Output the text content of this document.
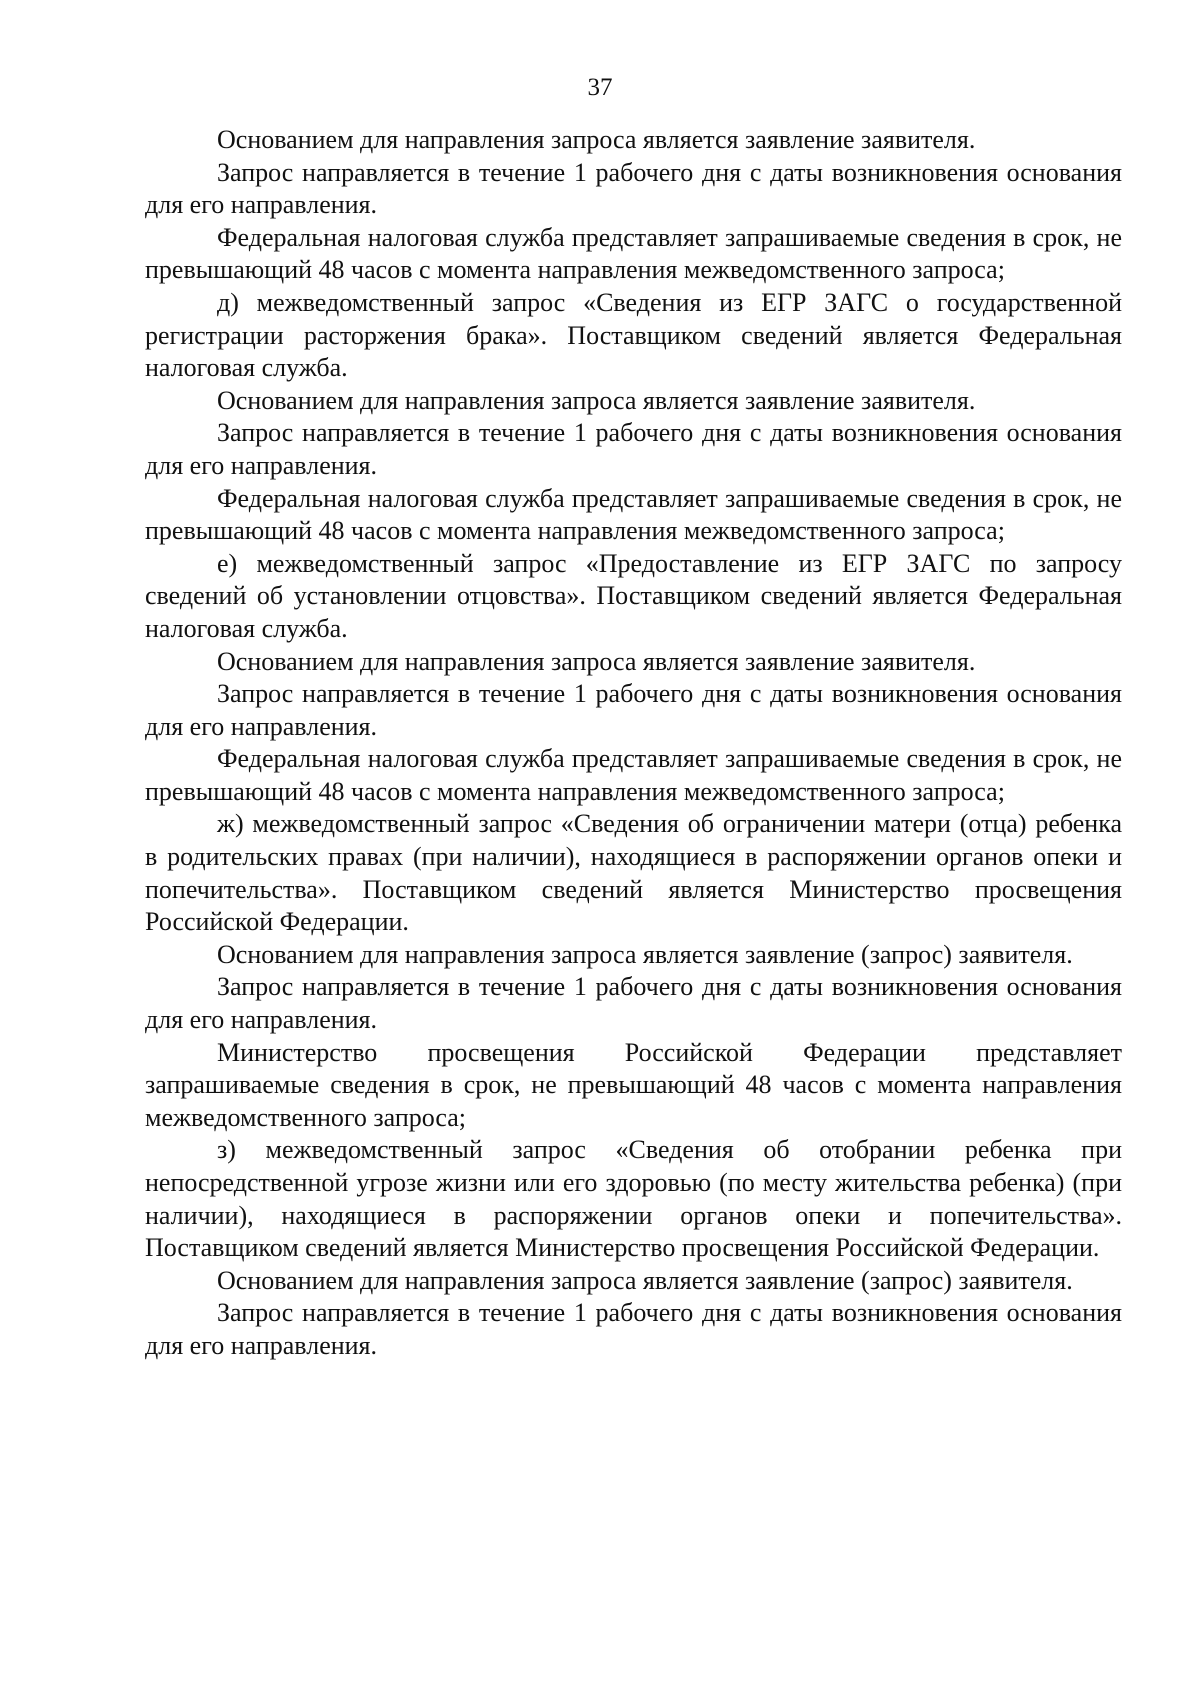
37

Основанием для направления запроса является заявление заявителя.

Запрос направляется в течение 1 рабочего дня с даты возникновения основания для его направления.

Федеральная налоговая служба представляет запрашиваемые сведения в срок, не превышающий 48 часов с момента направления межведомственного запроса;

д) межведомственный запрос «Сведения из ЕГР ЗАГС о государственной регистрации расторжения брака». Поставщиком сведений является Федеральная налоговая служба.

Основанием для направления запроса является заявление заявителя.

Запрос направляется в течение 1 рабочего дня с даты возникновения основания для его направления.

Федеральная налоговая служба представляет запрашиваемые сведения в срок, не превышающий 48 часов с момента направления межведомственного запроса;

е) межведомственный запрос «Предоставление из ЕГР ЗАГС по запросу сведений об установлении отцовства». Поставщиком сведений является Федеральная налоговая служба.

Основанием для направления запроса является заявление заявителя.

Запрос направляется в течение 1 рабочего дня с даты возникновения основания для его направления.

Федеральная налоговая служба представляет запрашиваемые сведения в срок, не превышающий 48 часов с момента направления межведомственного запроса;

ж) межведомственный запрос «Сведения об ограничении матери (отца) ребенка в родительских правах (при наличии), находящиеся в распоряжении органов опеки и попечительства». Поставщиком сведений является Министерство просвещения Российской Федерации.

Основанием для направления запроса является заявление (запрос) заявителя.

Запрос направляется в течение 1 рабочего дня с даты возникновения основания для его направления.

Министерство просвещения Российской Федерации представляет запрашиваемые сведения в срок, не превышающий 48 часов с момента направления межведомственного запроса;

з) межведомственный запрос «Сведения об отобрании ребенка при непосредственной угрозе жизни или его здоровью (по месту жительства ребенка) (при наличии), находящиеся в распоряжении органов опеки и попечительства». Поставщиком сведений является Министерство просвещения Российской Федерации.

Основанием для направления запроса является заявление (запрос) заявителя.

Запрос направляется в течение 1 рабочего дня с даты возникновения основания для его направления.
